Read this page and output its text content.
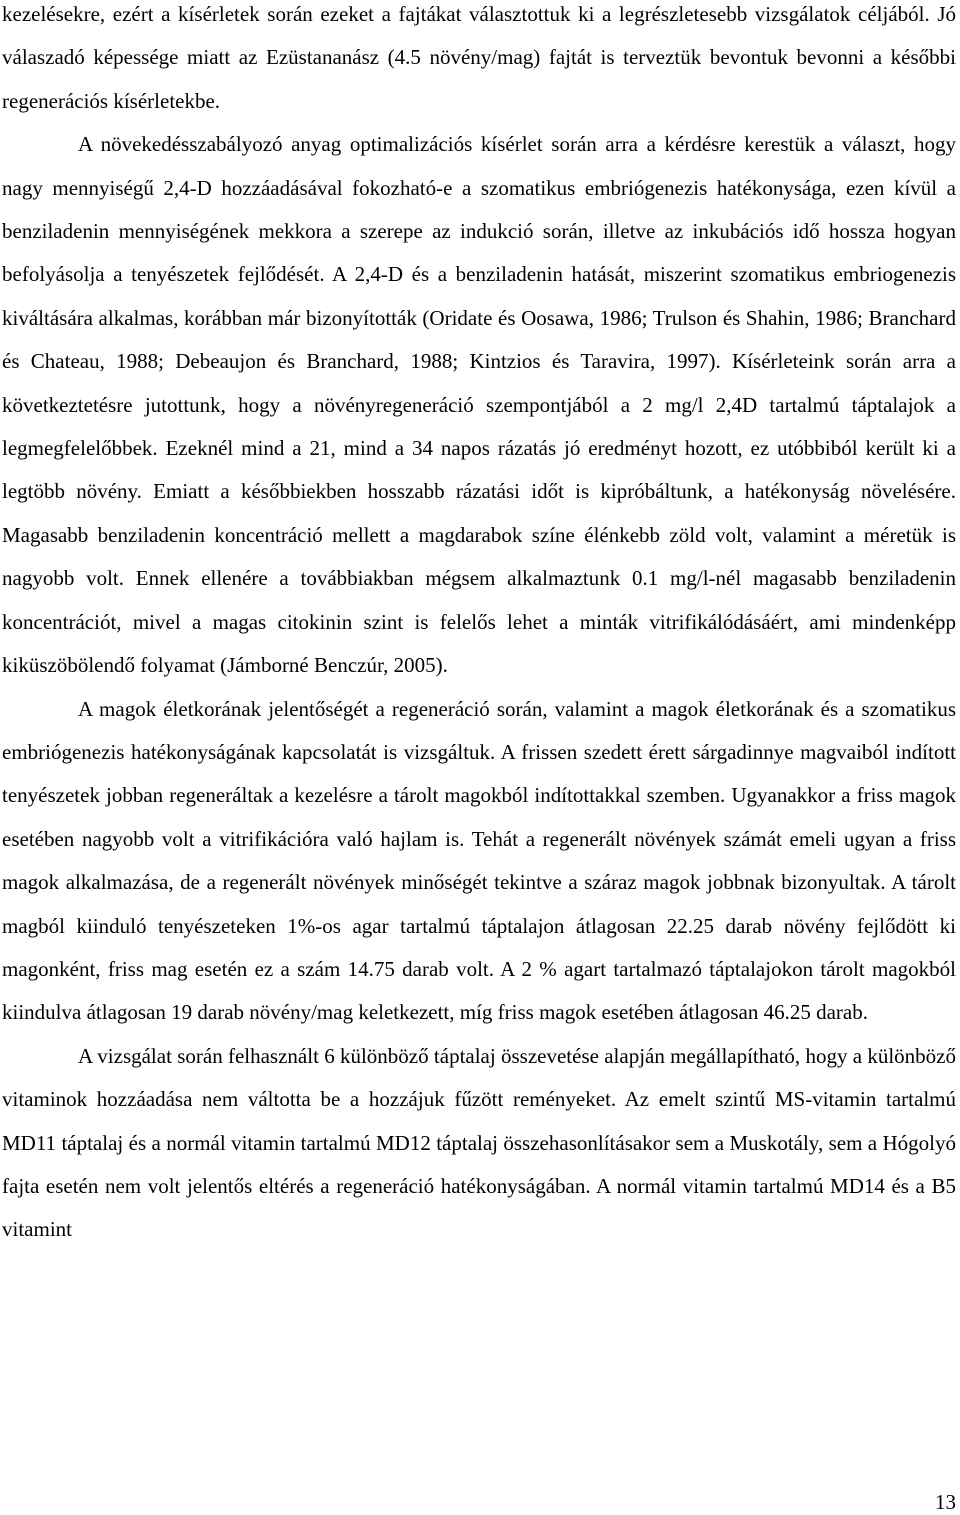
kezelésekre, ezért a kísérletek során ezeket a fajtákat választottuk ki a legrészletesebb vizsgálatok céljából. Jó válaszadó képessége miatt az Ezüstananász (4.5 növény/mag) fajtát is terveztük bevontuk bevonni a későbbi regenerációs kísérletekbe.

A növekedésszabályozó anyag optimalizációs kísérlet során arra a kérdésre kerestük a választ, hogy nagy mennyiségű 2,4-D hozzáadásával fokozható-e a szomatikus embriógenezis hatékonysága, ezen kívül a benziladenin mennyiségének mekkora a szerepe az indukció során, illetve az inkubációs idő hossza hogyan befolyásolja a tenyészetek fejlődését. A 2,4-D és a benziladenin hatását, miszerint szomatikus embriogenezis kiváltására alkalmas, korábban már bizonyították (Oridate és Oosawa, 1986; Trulson és Shahin, 1986; Branchard és Chateau, 1988; Debeaujon és Branchard, 1988; Kintzios és Taravira, 1997). Kísérleteink során arra a következtetésre jutottunk, hogy a növényregeneráció szempontjából a 2 mg/l 2,4D tartalmú táptalajok a legmegfelelőbbek. Ezeknél mind a 21, mind a 34 napos rázatás jó eredményt hozott, ez utóbbiból került ki a legtöbb növény. Emiatt a későbbiekben hosszabb rázatási időt is kipróbáltunk, a hatékonyság növelésére. Magasabb benziladenin koncentráció mellett a magdarabok színe élénkebb zöld volt, valamint a méretük is nagyobb volt. Ennek ellenére a továbbiakban mégsem alkalmaztunk 0.1 mg/l-nél magasabb benziladenin koncentrációt, mivel a magas citokinin szint is felelős lehet a minták vitrifikálódásáért, ami mindenképp kiküszöbölendő folyamat (Jámborné Benczúr, 2005).

A magok életkorának jelentőségét a regeneráció során, valamint a magok életkorának és a szomatikus embriógenezis hatékonyságának kapcsolatát is vizsgáltuk. A frissen szedett érett sárgadinnye magvaiból indított tenyészetek jobban regeneráltak a kezelésre a tárolt magokból indítottakkal szemben. Ugyanakkor a friss magok esetében nagyobb volt a vitrifikációra való hajlam is. Tehát a regenerált növények számát emeli ugyan a friss magok alkalmazása, de a regenerált növények minőségét tekintve a száraz magok jobbnak bizonyultak. A tárolt magból kiinduló tenyészeteken 1%-os agar tartalmú táptalajon átlagosan 22.25 darab növény fejlődött ki magonként, friss mag esetén ez a szám 14.75 darab volt. A 2 % agart tartalmazó táptalajokon tárolt magokból kiindulva átlagosan 19 darab növény/mag keletkezett, míg friss magok esetében átlagosan 46.25 darab.

A vizsgálat során felhasznált 6 különböző táptalaj összevetése alapján megállapítható, hogy a különböző vitaminok hozzáadása nem váltotta be a hozzájuk fűzött reményeket. Az emelt szintű MS-vitamin tartalmú MD11 táptalaj és a normál vitamin tartalmú MD12 táptalaj összehasonlításakor sem a Muskotály, sem a Hógolyó fajta esetén nem volt jelentős eltérés a regeneráció hatékonyságában. A normál vitamin tartalmú MD14 és a B5 vitamint

13
